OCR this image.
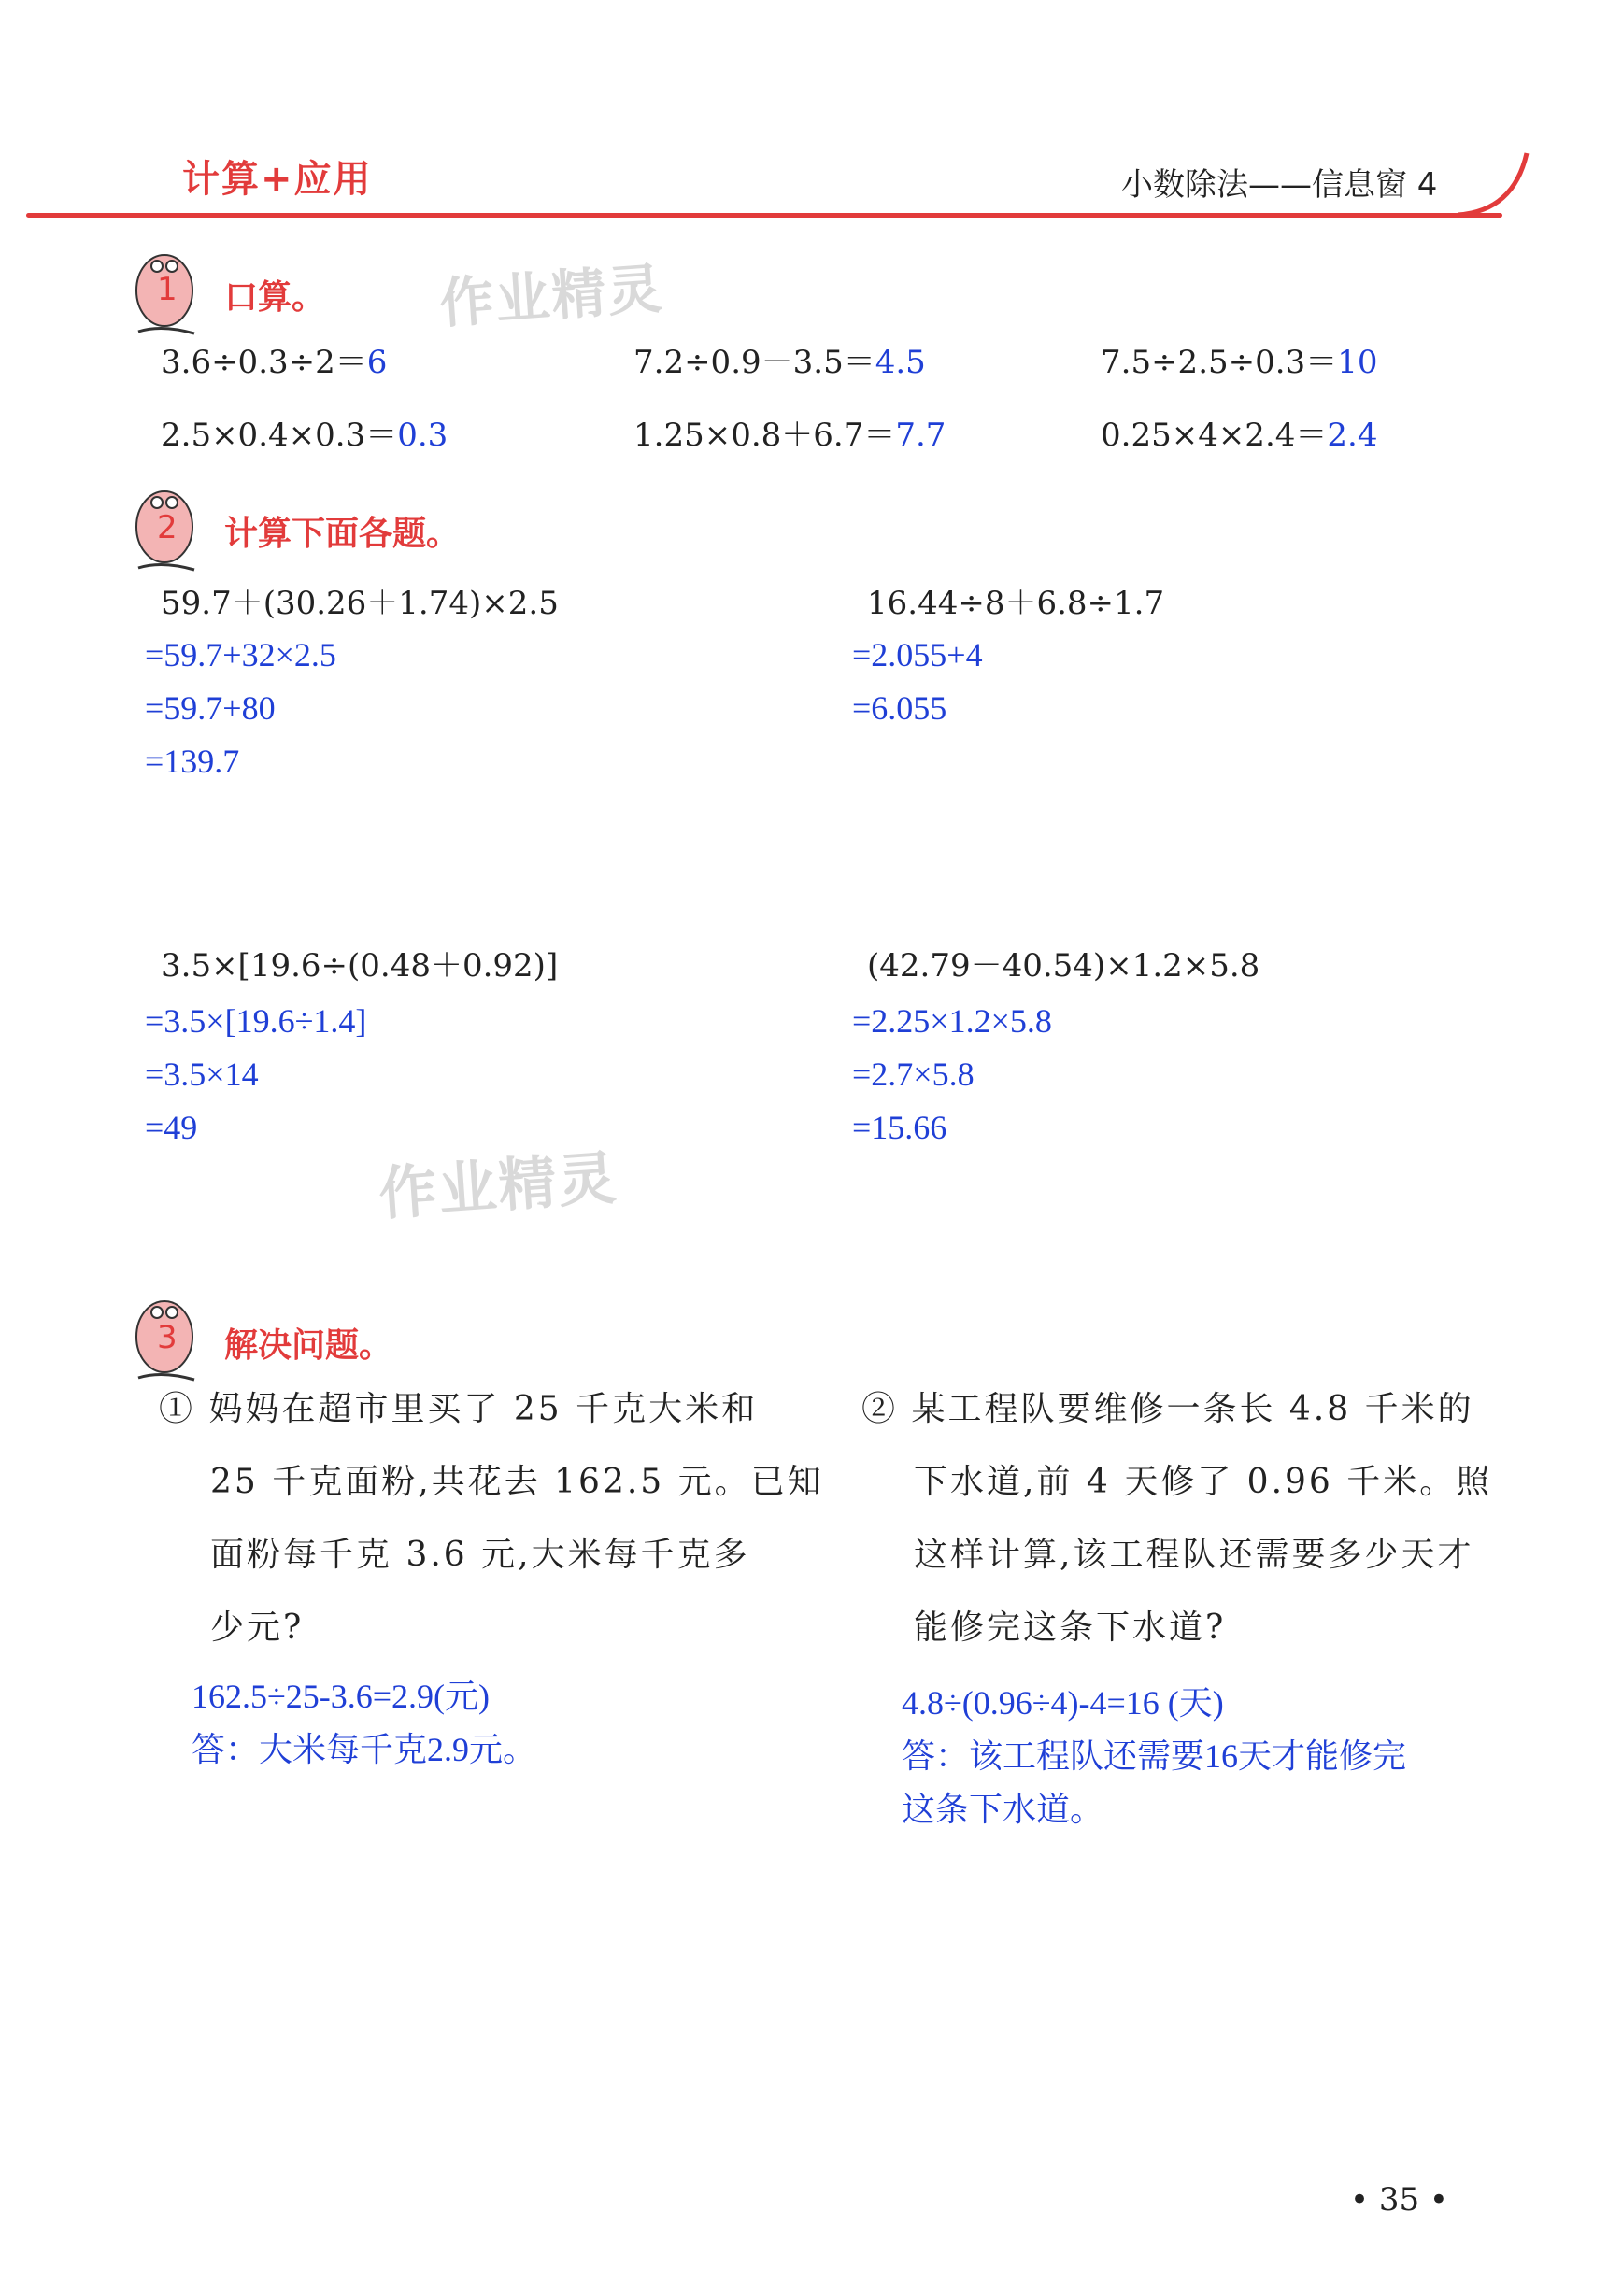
计算+应用	小数除法——信息窗 4
1 口算。 作业精灵
3.6÷0.3÷2＝6	7.2÷0.9－3.5＝4.5	7.5÷2.5÷0.3＝10
2.5×0.4×0.3＝0.3	1.25×0.8＋6.7＝7.7	0.25×4×2.4＝2.4
2 计算下面各题。
59.7＋(30.26＋1.74)×2.5
=59.7+32×2.5
=59.7+80
=139.7
16.44÷8＋6.8÷1.7
=2.055+4
=6.055
3.5×[19.6÷(0.48＋0.92)]
=3.5×[19.6÷1.4]
=3.5×14
=49
(42.79－40.54)×1.2×5.8
=2.25×1.2×5.8
=2.7×5.8
=15.66
作业精灵
3 解决问题。
① 妈妈在超市里买了 25 千克大米和
25 千克面粉,共花去 162.5 元。已知
面粉每千克 3.6 元,大米每千克多
少元?
162.5÷25-3.6=2.9(元)
答：大米每千克2.9元。
② 某工程队要维修一条长 4.8 千米的
下水道,前 4 天修了 0.96 千米。照
这样计算,该工程队还需要多少天才
能修完这条下水道?
4.8÷(0.96÷4)-4=16 (天)
答：该工程队还需要16天才能修完
这条下水道。
• 35 •
